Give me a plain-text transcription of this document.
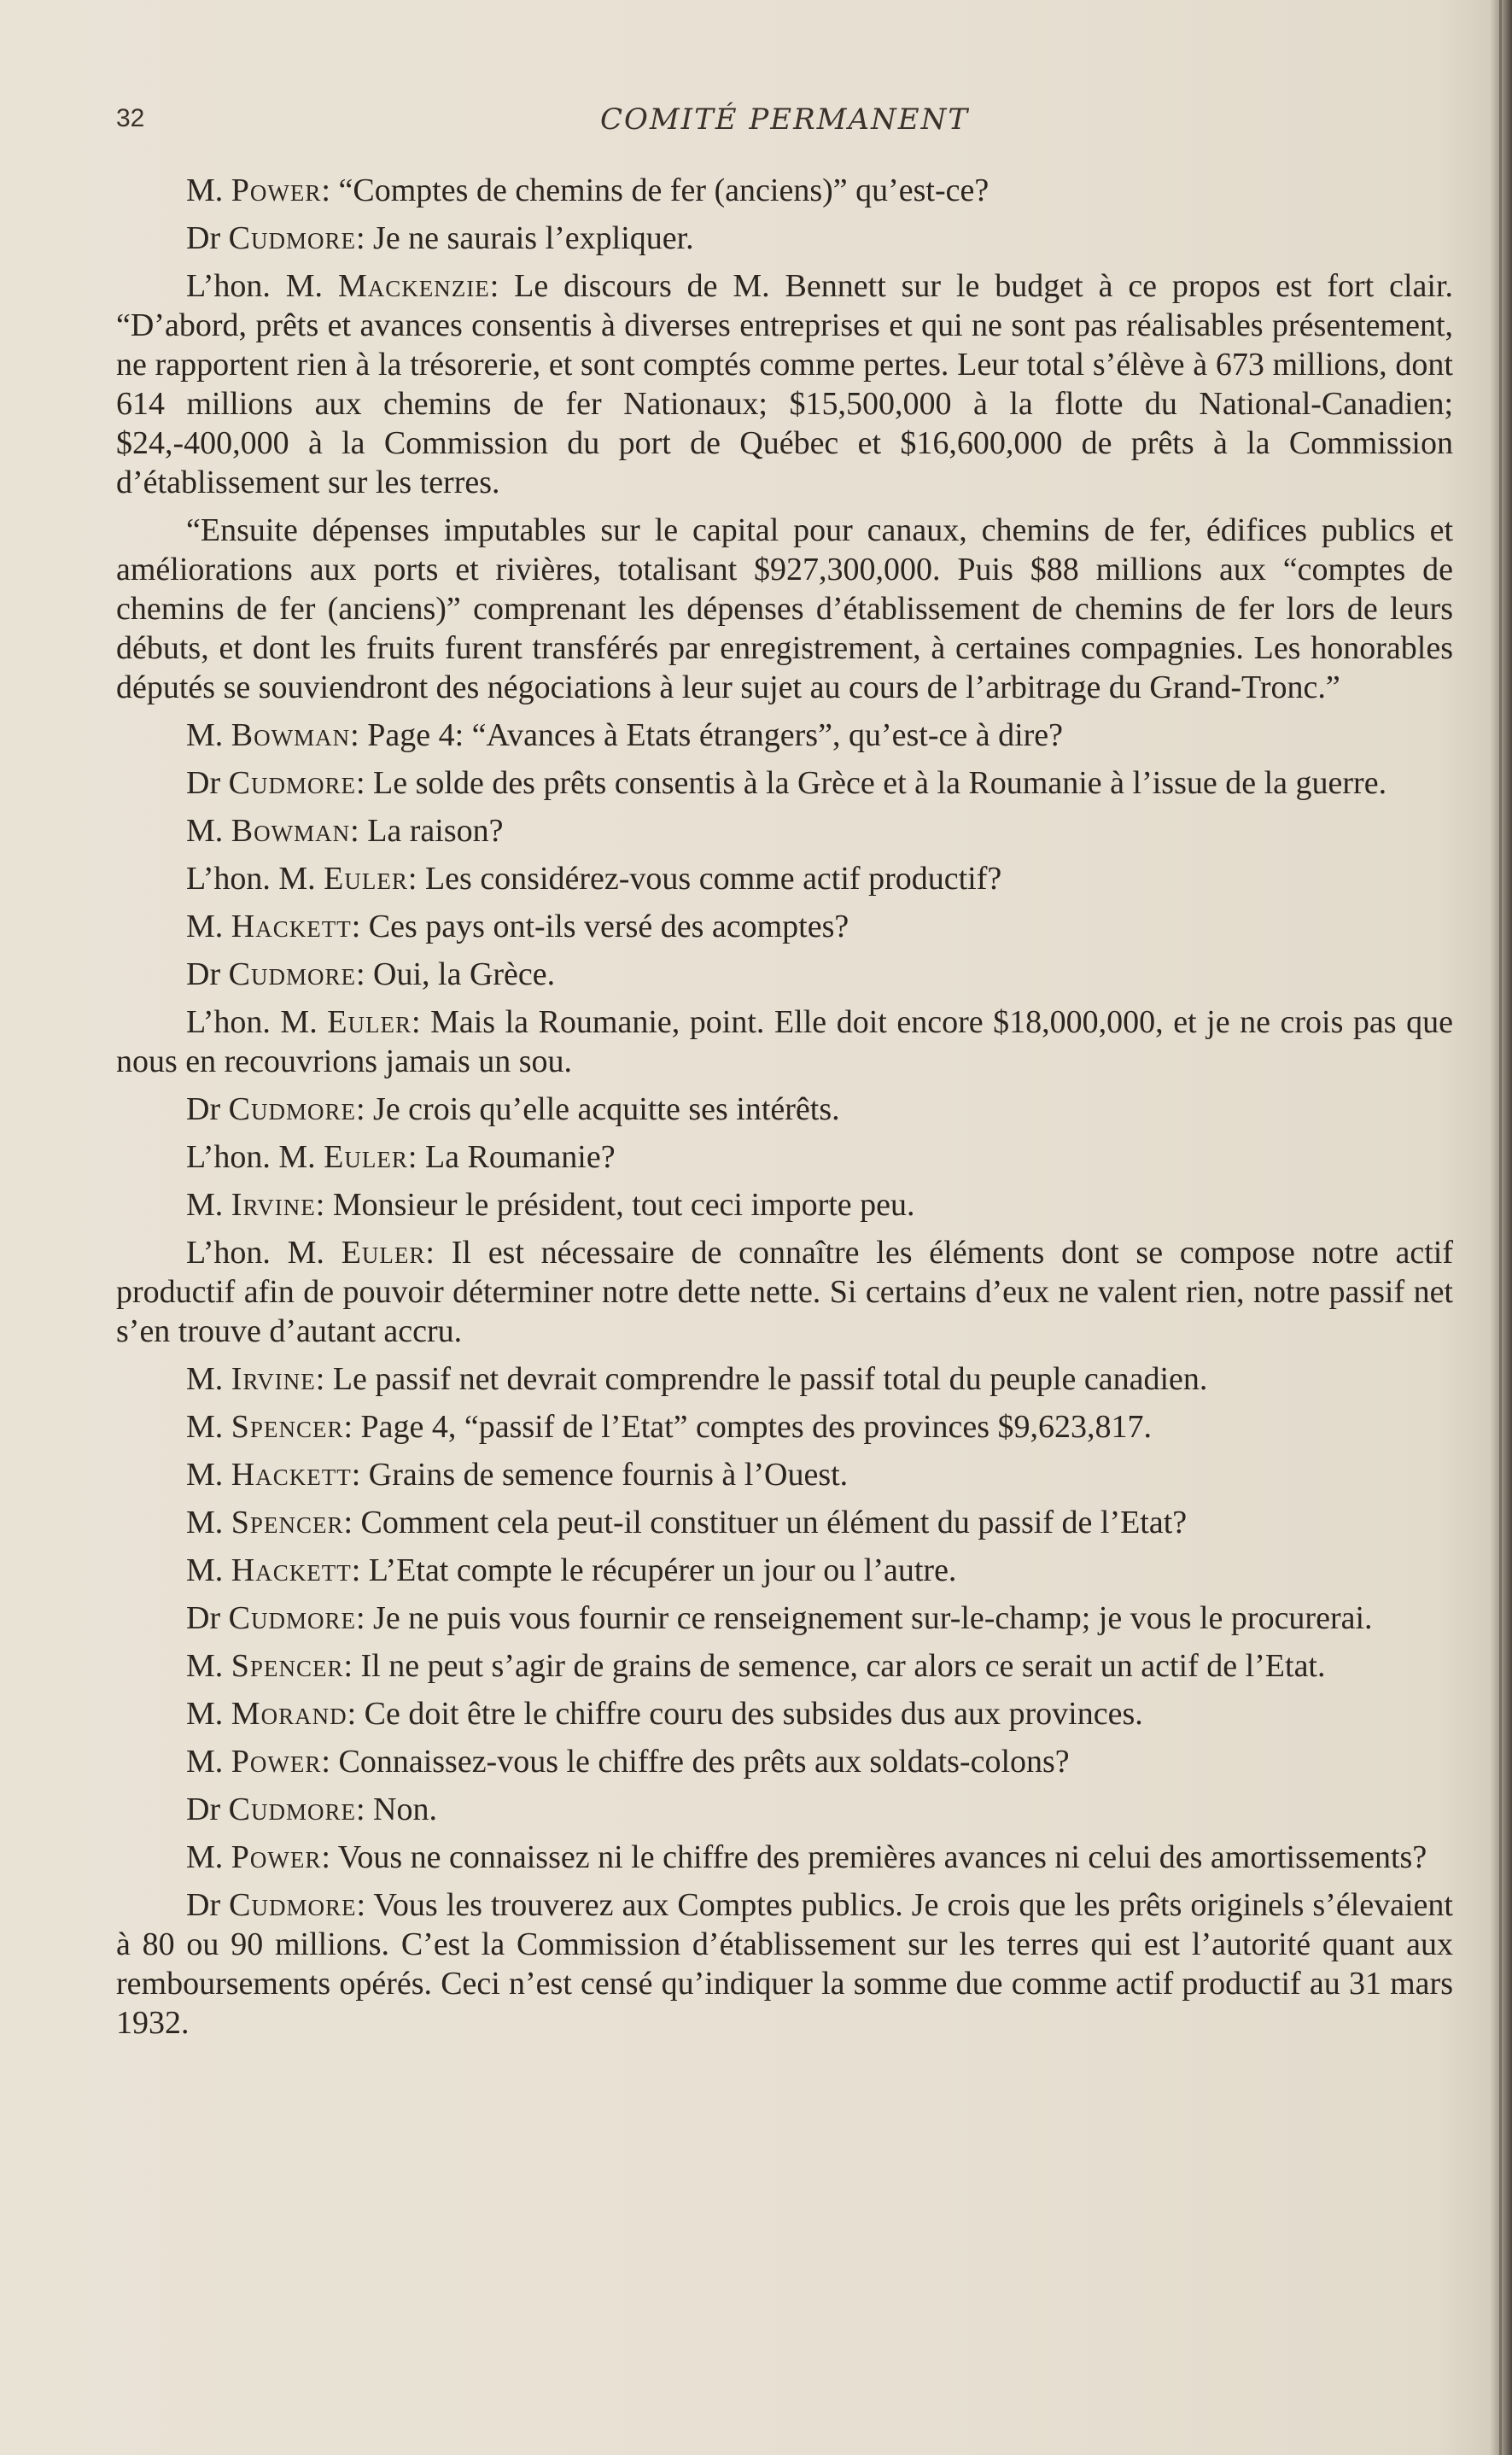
32	COMITÉ PERMANENT

M. Power: “Comptes de chemins de fer (anciens)” qu’est-ce?

Dr Cudmore: Je ne saurais l’expliquer.

L’hon. M. Mackenzie: Le discours de M. Bennett sur le budget à ce propos est fort clair. “D’abord, prêts et avances consentis à diverses entreprises et qui ne sont pas réalisables présentement, ne rapportent rien à la trésorerie, et sont comptés comme pertes. Leur total s’élève à 673 millions, dont 614 millions aux chemins de fer Nationaux; $15,500,000 à la flotte du National-Canadien; $24,-400,000 à la Commission du port de Québec et $16,600,000 de prêts à la Commission d’établissement sur les terres.

“Ensuite dépenses imputables sur le capital pour canaux, chemins de fer, édifices publics et améliorations aux ports et rivières, totalisant $927,300,000. Puis $88 millions aux “comptes de chemins de fer (anciens)” comprenant les dépenses d’établissement de chemins de fer lors de leurs débuts, et dont les fruits furent transférés par enregistrement, à certaines compagnies. Les honorables députés se souviendront des négociations à leur sujet au cours de l’arbitrage du Grand-Tronc.”

M. Bowman: Page 4: “Avances à Etats étrangers”, qu’est-ce à dire?

Dr Cudmore: Le solde des prêts consentis à la Grèce et à la Roumanie à l’issue de la guerre.

M. Bowman: La raison?

L’hon. M. Euler: Les considérez-vous comme actif productif?

M. Hackett: Ces pays ont-ils versé des acomptes?

Dr Cudmore: Oui, la Grèce.

L’hon. M. Euler: Mais la Roumanie, point. Elle doit encore $18,000,000, et je ne crois pas que nous en recouvrions jamais un sou.

Dr Cudmore: Je crois qu’elle acquitte ses intérêts.

L’hon. M. Euler: La Roumanie?

M. Irvine: Monsieur le président, tout ceci importe peu.

L’hon. M. Euler: Il est nécessaire de connaître les éléments dont se compose notre actif productif afin de pouvoir déterminer notre dette nette. Si certains d’eux ne valent rien, notre passif net s’en trouve d’autant accru.

M. Irvine: Le passif net devrait comprendre le passif total du peuple canadien.

M. Spencer: Page 4, “passif de l’Etat” comptes des provinces $9,623,817.

M. Hackett: Grains de semence fournis à l’Ouest.

M. Spencer: Comment cela peut-il constituer un élément du passif de l’Etat?

M. Hackett: L’Etat compte le récupérer un jour ou l’autre.

Dr Cudmore: Je ne puis vous fournir ce renseignement sur-le-champ; je vous le procurerai.

M. Spencer: Il ne peut s’agir de grains de semence, car alors ce serait un actif de l’Etat.

M. Morand: Ce doit être le chiffre couru des subsides dus aux provinces.

M. Power: Connaissez-vous le chiffre des prêts aux soldats-colons?

Dr Cudmore: Non.

M. Power: Vous ne connaissez ni le chiffre des premières avances ni celui des amortissements?

Dr Cudmore: Vous les trouverez aux Comptes publics. Je crois que les prêts originels s’élevaient à 80 ou 90 millions. C’est la Commission d’établissement sur les terres qui est l’autorité quant aux remboursements opérés. Ceci n’est censé qu’indiquer la somme due comme actif productif au 31 mars 1932.
